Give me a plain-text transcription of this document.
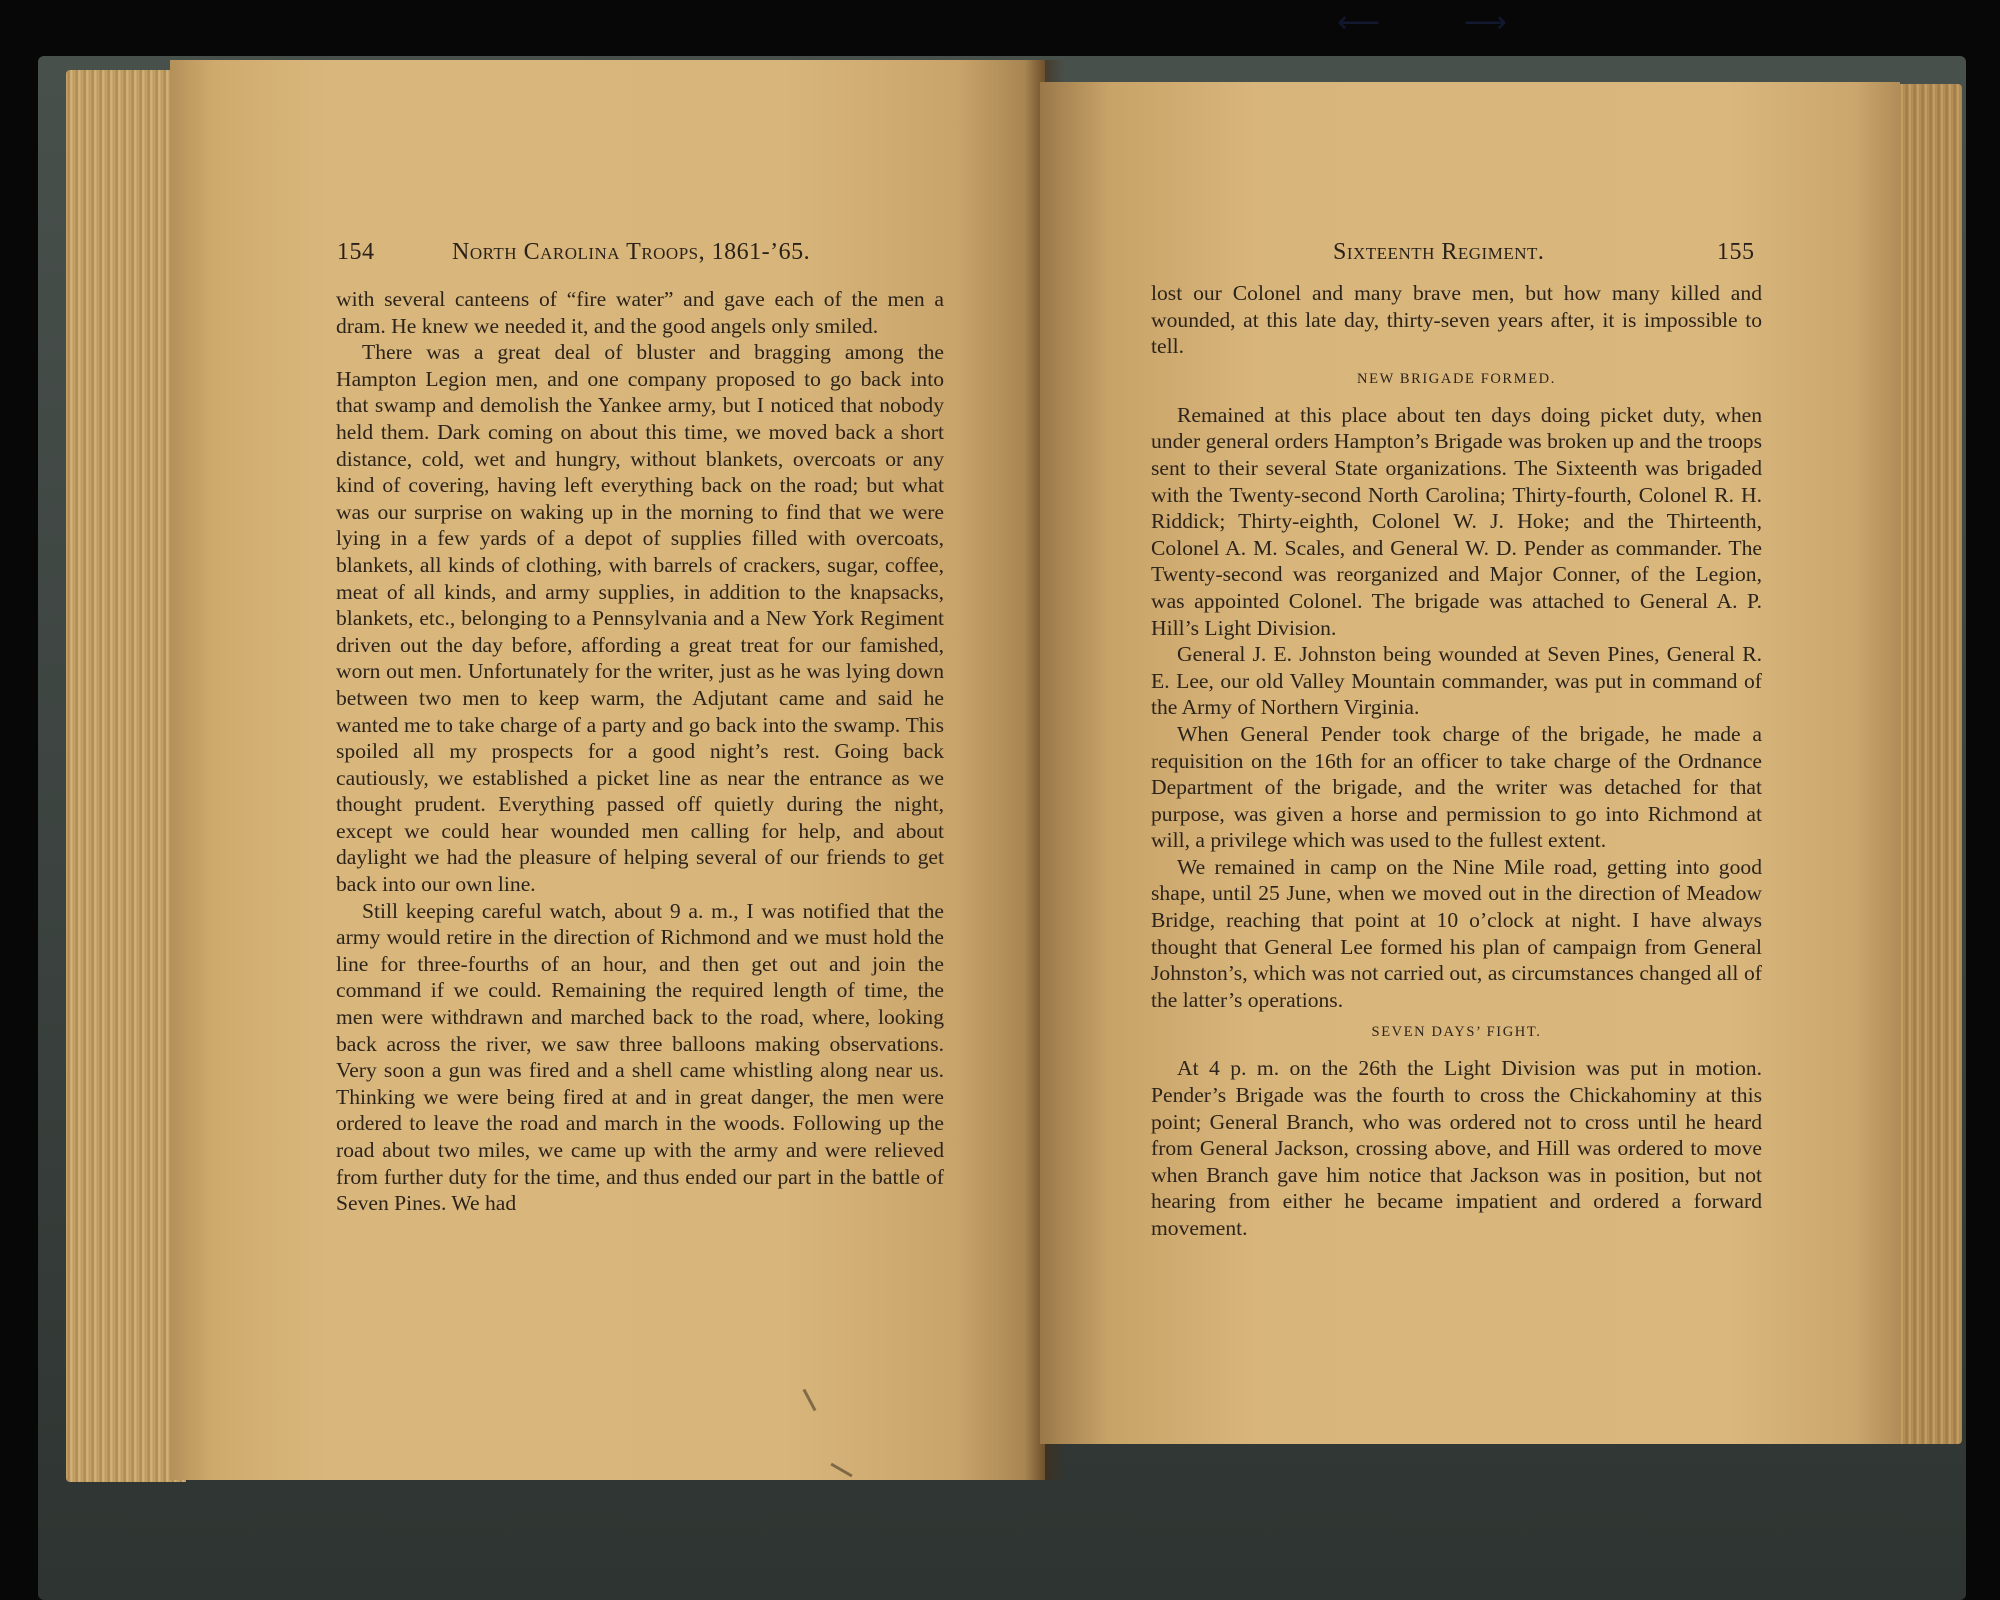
⟵     ⟶
154	North Carolina Troops, 1861-’65.

with several canteens of “fire water” and gave each of the men a dram. He knew we needed it, and the good angels only smiled.

There was a great deal of bluster and bragging among the Hampton Legion men, and one company proposed to go back into that swamp and demolish the Yankee army, but I noticed that nobody held them. Dark coming on about this time, we moved back a short distance, cold, wet and hungry, without blankets, overcoats or any kind of covering, having left everything back on the road; but what was our surprise on waking up in the morning to find that we were lying in a few yards of a depot of supplies filled with overcoats, blankets, all kinds of clothing, with barrels of crackers, sugar, coffee, meat of all kinds, and army supplies, in addition to the knapsacks, blankets, etc., belonging to a Pennsylvania and a New York Regiment driven out the day before, affording a great treat for our famished, worn out men. Unfortunately for the writer, just as he was lying down between two men to keep warm, the Adjutant came and said he wanted me to take charge of a party and go back into the swamp. This spoiled all my prospects for a good night’s rest. Going back cautiously, we established a picket line as near the entrance as we thought prudent. Everything passed off quietly during the night, except we could hear wounded men calling for help, and about daylight we had the pleasure of helping several of our friends to get back into our own line.

Still keeping careful watch, about 9 a. m., I was notified that the army would retire in the direction of Richmond and we must hold the line for three-fourths of an hour, and then get out and join the command if we could. Remaining the required length of time, the men were withdrawn and marched back to the road, where, looking back across the river, we saw three balloons making observations. Very soon a gun was fired and a shell came whistling along near us. Thinking we were being fired at and in great danger, the men were ordered to leave the road and march in the woods. Following up the road about two miles, we came up with the army and were relieved from further duty for the time, and thus ended our part in the battle of Seven Pines. We had

Sixteenth Regiment.	155

lost our Colonel and many brave men, but how many killed and wounded, at this late day, thirty-seven years after, it is impossible to tell.

NEW BRIGADE FORMED.

Remained at this place about ten days doing picket duty, when under general orders Hampton’s Brigade was broken up and the troops sent to their several State organizations. The Sixteenth was brigaded with the Twenty-second North Carolina; Thirty-fourth, Colonel R. H. Riddick; Thirty-eighth, Colonel W. J. Hoke; and the Thirteenth, Colonel A. M. Scales, and General W. D. Pender as commander. The Twenty-second was reorganized and Major Conner, of the Legion, was appointed Colonel. The brigade was attached to General A. P. Hill’s Light Division.

General J. E. Johnston being wounded at Seven Pines, General R. E. Lee, our old Valley Mountain commander, was put in command of the Army of Northern Virginia.

When General Pender took charge of the brigade, he made a requisition on the 16th for an officer to take charge of the Ordnance Department of the brigade, and the writer was detached for that purpose, was given a horse and permission to go into Richmond at will, a privilege which was used to the fullest extent.

We remained in camp on the Nine Mile road, getting into good shape, until 25 June, when we moved out in the direction of Meadow Bridge, reaching that point at 10 o’clock at night. I have always thought that General Lee formed his plan of campaign from General Johnston’s, which was not carried out, as circumstances changed all of the latter’s operations.

SEVEN DAYS’ FIGHT.

At 4 p. m. on the 26th the Light Division was put in motion. Pender’s Brigade was the fourth to cross the Chickahominy at this point; General Branch, who was ordered not to cross until he heard from General Jackson, crossing above, and Hill was ordered to move when Branch gave him notice that Jackson was in position, but not hearing from either he became impatient and ordered a forward movement.
